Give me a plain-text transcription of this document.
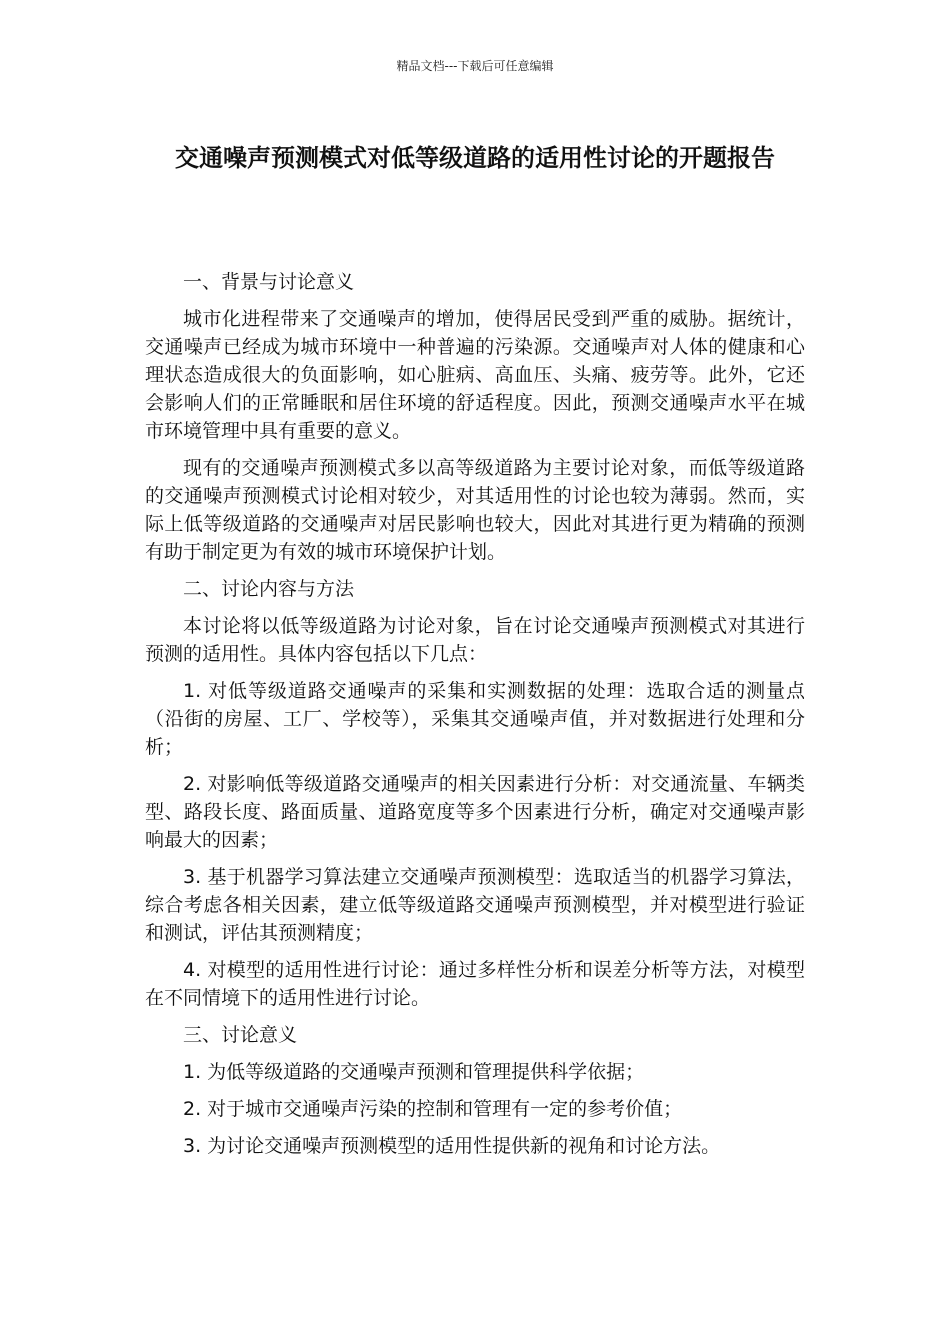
精品文档---下载后可任意编辑
交通噪声预测模式对低等级道路的适用性讨论的开题报告

一、背景与讨论意义

城市化进程带来了交通噪声的增加，使得居民受到严重的威胁。据统计，交通噪声已经成为城市环境中一种普遍的污染源。交通噪声对人体的健康和心理状态造成很大的负面影响，如心脏病、高血压、头痛、疲劳等。此外，它还会影响人们的正常睡眠和居住环境的舒适程度。因此，预测交通噪声水平在城市环境管理中具有重要的意义。

现有的交通噪声预测模式多以高等级道路为主要讨论对象，而低等级道路的交通噪声预测模式讨论相对较少，对其适用性的讨论也较为薄弱。然而，实际上低等级道路的交通噪声对居民影响也较大，因此对其进行更为精确的预测有助于制定更为有效的城市环境保护计划。

二、讨论内容与方法

本讨论将以低等级道路为讨论对象，旨在讨论交通噪声预测模式对其进行预测的适用性。具体内容包括以下几点：

1. 对低等级道路交通噪声的采集和实测数据的处理：选取合适的测量点（沿街的房屋、工厂、学校等），采集其交通噪声值，并对数据进行处理和分析；

2. 对影响低等级道路交通噪声的相关因素进行分析：对交通流量、车辆类型、路段长度、路面质量、道路宽度等多个因素进行分析，确定对交通噪声影响最大的因素；

3. 基于机器学习算法建立交通噪声预测模型：选取适当的机器学习算法，综合考虑各相关因素，建立低等级道路交通噪声预测模型，并对模型进行验证和测试，评估其预测精度；

4. 对模型的适用性进行讨论：通过多样性分析和误差分析等方法，对模型在不同情境下的适用性进行讨论。

三、讨论意义

1. 为低等级道路的交通噪声预测和管理提供科学依据；

2. 对于城市交通噪声污染的控制和管理有一定的参考价值；

3. 为讨论交通噪声预测模型的适用性提供新的视角和讨论方法。
